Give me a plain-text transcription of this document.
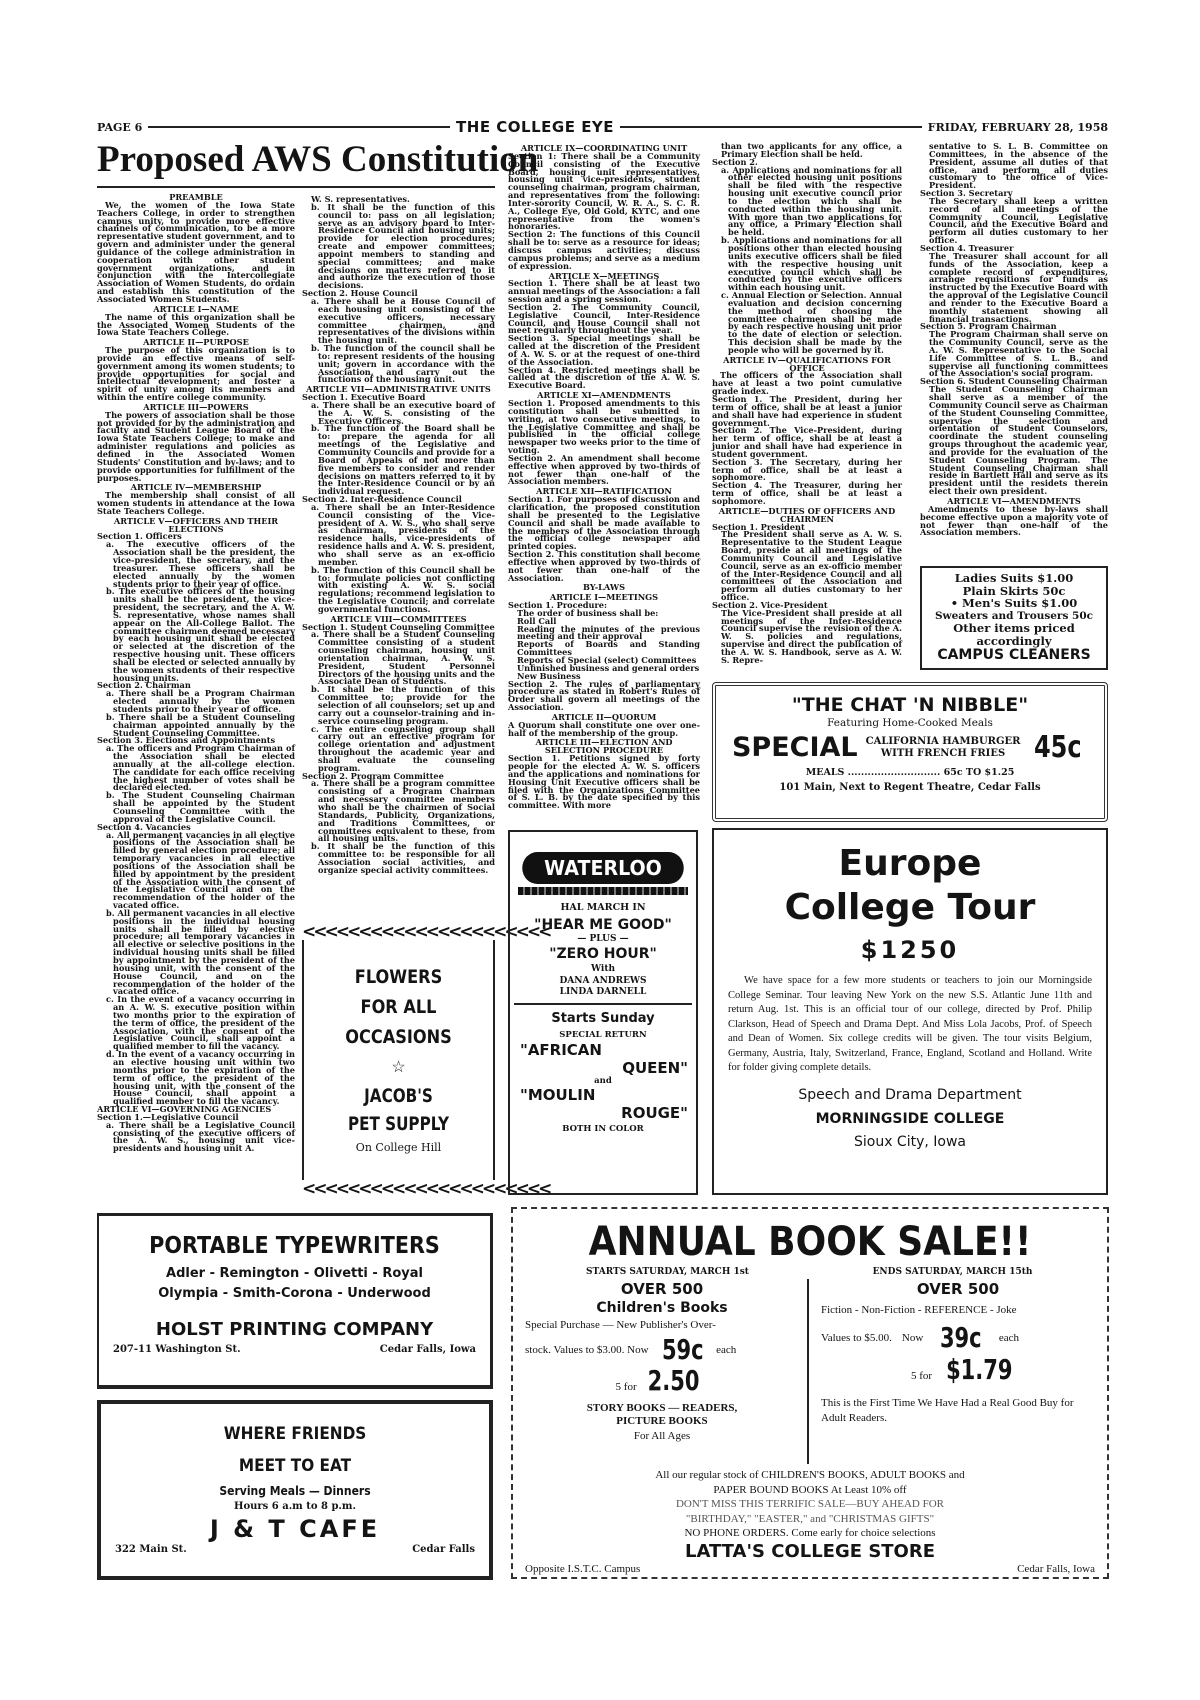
PAGE 6	THE COLLEGE EYE	FRIDAY, FEBRUARY 28, 1958
Proposed AWS Constitution
PREAMBLE
We, the women of the Iowa State Teachers College, in order to strengthen campus unity, to provide more effective channels of communication, to be a more representative student government, and to govern and administer under the general guidance of the college administration in cooperation with other student government organizations, and in conjunction with the Intercollegiate Association of Women Students, do ordain and establish this constitution of the Associated Women Students.
ARTICLE I—NAME
The name of this organization shall be the Associated Women Students of the Iowa State Teachers College.
ARTICLE II—PURPOSE
The purpose of this organization is to provide an effective means of self-government among its women students; to provide opportunities for social and intellectual development; and foster a spirit of unity among its members and within the entire college community.
ARTICLE III—POWERS
The powers of association shall be those not provided for by the administration and faculty and Student League Board of the Iowa State Teachers College; to make and administer regulations and policies as defined in the Associated Women Students' Constitution and by-laws; and to provide opportunities for fulfillment of the purposes.
ARTICLE IV—MEMBERSHIP
The membership shall consist of all women students in attendance at the Iowa State Teachers College.
ARTICLE V—OFFICERS AND THEIR ELECTIONS
Section 1. Officers
a. The executive officers of the Association shall be the president, the vice-president, the secretary, and the treasurer. These officers shall be elected annually by the women students prior to their year of office.
b. The executive officers of the housing units shall be the president, the vice-president, the secretary, and the A. W. S. representative, whose names shall appear on the All-College Ballot. The committee chairmen deemed necessary by each housing unit shall be elected or selected at the discretion of the respective housing unit. These officers shall be elected or selected annually by the women students of their respective housing units.
Section 2. Chairman
a. There shall be a Program Chairman elected annually by the women students prior to their year of office.
b. There shall be a Student Counseling chairman appointed annually by the Student Counseling Committee.
Section 3. Elections and Appointments
a. The officers and Program Chairman of the Association shall be elected annually at the all-college election. The candidate for each office receiving the highest number of votes shall be declared elected.
b. The Student Counseling Chairman shall be appointed by the Student Counseling Committee with the approval of the Legislative Council.
Section 4. Vacancies
a. All permanent vacancies in all elective positions of the Association shall be filled by general election procedure; all temporary vacancies in all elective positions of the Association shall be filled by appointment by the president of the Association with the consent of the Legislative Council and on the recommendation of the holder of the vacated office.
b. All permanent vacancies in all elective positions in the individual housing units shall be filled by elective procedure; all temporary vacancies in all elective or selective positions in the individual housing units shall be filled by appointment by the president of the housing unit, with the consent of the House Council, and on the recommendation of the holder of the vacated office.
c. In the event of a vacancy occurring in an A. W. S. executive position within two months prior to the expiration of the term of office, the president of the Association, with the consent of the Legislative Council, shall appoint a qualified member to fill the vacancy.
d. In the event of a vacancy occurring in an elective housing unit within two months prior to the expiration of the term of office, the president of the housing unit, with the consent of the House Council, shall appoint a qualified member to fill the vacancy.
ARTICLE VI—GOVERNING AGENCIES
Section 1.—Legislative Council
a. There shall be a Legislative Council consisting of the executive officers of the A. W. S., housing unit vice-presidents and housing unit A.
W. S. representatives.
b. It shall be the function of this council to: pass on all legislation; serve as an advisory board to Inter-Residence Council and housing units; provide for election procedures; create and empower committees; appoint members to standing and special committees; and make decisions on matters referred to it and authorize the execution of those decisions.
Section 2. House Council
a. There shall be a House Council of each housing unit consisting of the executive officers, necessary committee chairmen, and representatives of the divisions within the housing unit.
b. The function of the council shall be to: represent residents of the housing unit; govern in accordance with the Association, and carry out the functions of the housing unit.
ARTICLE VII—ADMINISTRATIVE UNITS
Section 1. Executive Board
a. There shall be an executive board of the A. W. S. consisting of the Executive Officers.
b. The function of the Board shall be to: prepare the agenda for all meetings of the Legislative and Community Councils and provide for a Board of Appeals of not more than five members to consider and render decisions on matters referred to it by the Inter-Residence Council or by an individual request.
Section 2. Inter-Residence Council
a. There shall be an Inter-Residence Council consisting of the Vice-president of A. W. S., who shall serve as chairman, presidents of the residence halls, vice-presidents of residence halls and A. W. S. president, who shall serve as an ex-officio member.
b. The function of this Council shall be to: formulate policies not conflicting with existing A. W. S. social regulations; recommend legislation to the Legislative Council; and correlate governmental functions.
ARTICLE VIII—COMMITTEES
Section 1. Student Counseling Committee
a. There shall be a Student Counseling Committee consisting of a student counseling chairman, housing unit orientation chairman, A. W. S. President, Student Personnel Directors of the housing units and the Associate Dean of Students.
b. It shall be the function of this Committee to; provide for the selection of all counselors; set up and carry out a counselor-training and in-service counseling program.
c. The entire counseling group shall carry out an effective program for college orientation and adjustment throughout the academic year and shall evaluate the counseling program.
Section 2. Program Committee
a. There shall be a program committee consisting of a Program Chairman and necessary committee members who shall be the chairmen of Social Standards, Publicity, Organizations, and Traditions Committees, or committees equivalent to these, from all housing units.
b. It shall be the function of this committee to: be responsible for all Association social activities, and organize special activity committees.
ARTICLE IX—COORDINATING UNIT
Section 1: There shall be a Community Council consisting of the Executive Board, housing unit representatives, housing unit vice-presidents, student counseling chairman, program chairman, and representatives from the following: Inter-sorority Council, W. R. A., S. C. R. A., College Eye, Old Gold, KYTC, and one representative from the women's honoraries.
Section 2: The functions of this Council shall be to: serve as a resource for ideas; discuss campus activities; discuss campus problems; and serve as a medium of expression.
ARTICLE X—MEETINGS
Section 1. There shall be at least two annual meetings of the Association: a fall session and a spring session.
Section 2. The Community Council, Legislative Council, Inter-Residence Council, and House Council shall not meet regularly throughout the year.
Section 3. Special meetings shall be called at the discretion of the President of A. W. S. or at the request of one-third of the Association.
Section 4. Restricted meetings shall be called at the discretion of the A. W. S. Executive Board.
ARTICLE XI—AMENDMENTS
Section 1. Proposed amendments to this constitution shall be submitted in writing, at two consecutive meetings, to the Legislative Committee and shall be published in the official college newspaper two weeks prior to the time of voting.
Section 2. An amendment shall become effective when approved by two-thirds of not fewer than one-half of the Association members.
ARTICLE XII—RATIFICATION
Section 1. For purposes of discussion and clarification, the proposed constitution shall be presented to the Legislative Council and shall be made available to the members of the Association through the official college newspaper and printed copies.
Section 2. This constitution shall become effective when approved by two-thirds of not fewer than one-half of the Association.
BY-LAWS
ARTICLE I—MEETINGS
Section 1. Procedure:
The order of business shall be:
Roll Call
Reading the minutes of the previous meeting and their approval
Reports of Boards and Standing Committees
Reports of Special (select) Committees
Unfinished business and general orders
New Business
Section 2. The rules of parliamentary procedure as stated in Robert's Rules of Order shall govern all meetings of the Association.
ARTICLE II—QUORUM
A Quorum shall constitute one over one-half of the membership of the group.
ARTICLE III—ELECTION AND SELECTION PROCEDURE
Section 1. Petitions signed by forty people for the elected A. W. S. officers and the applications and nominations for Housing Unit Executive officers shall be filed with the Organizations Committee of S. L. B. by the date specified by this committee. With more
than two applicants for any office, a Primary Election shall be held.
Section 2.
a. Applications and nominations for all other elected housing unit positions shall be filed with the respective housing unit executive council prior to the election which shall be conducted within the housing unit. With more than two applications for any office, a Primary Election shall be held.
b. Applications and nominations for all positions other than elected housing units executive officers shall be filed with the respective housing unit executive council which shall be conducted by the executive officers within each housing unit.
c. Annual Election or Selection. Annual evaluation and decision concerning the method of choosing the committee chairmen shall be made by each respective housing unit prior to the date of election or selection. This decision shall be made by the people who will be governed by it.
ARTICLE IV—QUALIFICATIONS FOR OFFICE
The officers of the Association shall have at least a two point cumulative grade index.
Section 1. The President, during her term of office, shall be at least a junior and shall have had experience in student government.
Section 2. The Vice-President, during her term of office, shall be at least a junior and shall have had experience in student government.
Section 3. The Secretary, during her term of office, shall be at least a sophomore.
Section 4. The Treasurer, during her term of office, shall be at least a sophomore.
ARTICLE—DUTIES OF OFFICERS AND CHAIRMEN
Section 1. President
The President shall serve as A. W. S. Representative to the Student League Board, preside at all meetings of the Community Council and Legislative Council, serve as an ex-officio member of the Inter-Residence Council and all committees of the Association and perform all duties customary to her office.
Section 2. Vice-President
The Vice-President shall preside at all meetings of the Inter-Residence Council supervise the revision of the A. W. S. policies and regulations, supervise and direct the publication of the A. W. S. Handbook, serve as A. W. S. Repre-
sentative to S. L. B. Committee on Committees, in the absence of the President, assume all duties of that office, and perform all duties customary to the office of Vice-President.
Section 3. Secretary
The Secretary shall keep a written record of all meetings of the Community Council, Legislative Council, and the Executive Board and perform all duties customary to her office.
Section 4. Treasurer
The Treasurer shall account for all funds of the Association, keep a complete record of expenditures, arrange requisitions for funds as instructed by the Executive Board with the approval of the Legislative Council and render to the Executive Board a monthly statement showing all financial transactions.
Section 5. Program Chairman
The Program Chairman shall serve on the Community Council, serve as the A. W. S. Representative to the Social Life Committee of S. L. B., and supervise all functioning committees of the Association's social program.
Section 6. Student Counseling Chairman
The Student Counseling Chairman shall serve as a member of the Community Council serve as Chairman of the Student Counseling Committee, supervise the selection and orientation of Student Counselors, coordinate the student counseling groups throughout the academic year, and provide for the evaluation of the Student Counseling Program. The Student Counseling Chairman shall reside in Bartlett Hall and serve as its president until the residets therein elect their own president.
ARTICLE VI—AMENDMENTS
Amendments to these by-laws shall become effective upon a majority vote of not fewer than one-half of the Association members.
Ladies Suits $1.00
Plain Skirts 50c
• Men's Suits $1.00
Sweaters and Trousers 50c
Other items priced
accordingly
CAMPUS CLEANERS
"THE CHAT 'N NIBBLE"
Featuring Home-Cooked Meals
SPECIAL CALIFORNIA HAMBURGER
WITH FRENCH FRIES 45c
MEALS ............................ 65c TO $1.25
101 Main, Next to Regent Theatre, Cedar Falls
<<<<<<<<<<<<<<<<<<<<<<
FLOWERS
FOR ALL
OCCASIONS
☆
JACOB'S
PET SUPPLY
On College Hill
<<<<<<<<<<<<<<<<<<<<<<
WATERLOO
HAL MARCH IN
"HEAR ME GOOD"
— PLUS —
"ZERO HOUR"
With
DANA ANDREWS
LINDA DARNELL
Starts Sunday
SPECIAL RETURN
"AFRICAN
QUEEN"
and
"MOULIN
ROUGE"
BOTH IN COLOR
Europe
College Tour
$1250
We have space for a few more students or teachers to join our Morningside College Seminar. Tour leaving New York on the new S.S. Atlantic June 11th and return Aug. 1st. This is an official tour of our college, directed by Prof. Philip Clarkson, Head of Speech and Drama Dept. And Miss Lola Jacobs, Prof. of Speech and Dean of Women. Six college credits will be given. The tour visits Belgium, Germany, Austria, Italy, Switzerland, France, England, Scotland and Holland. Write for folder giving complete details.
Speech and Drama Department
MORNINGSIDE COLLEGE
Sioux City, Iowa
PORTABLE TYPEWRITERS
Adler - Remington - Olivetti - Royal
Olympia - Smith-Corona - Underwood
HOLST PRINTING COMPANY
207-11 Washington St.	Cedar Falls, Iowa
WHERE FRIENDS
MEET TO EAT
Serving Meals — Dinners
Hours 6 a.m to 8 p.m.
J & T CAFE
322 Main St.	Cedar Falls
ANNUAL BOOK SALE!!
STARTS SATURDAY, MARCH 1st	ENDS SATURDAY, MARCH 15th
OVER 500
Children's Books
Special Purchase — New Publisher's Over-
stock. Values to $3.00. Now 59c each
5 for 2.50
STORY BOOKS — READERS,
PICTURE BOOKS
For All Ages
OVER 500
Fiction - Non-Fiction - REFERENCE - Joke
Values to $5.00. Now 39c each
5 for $1.79
This is the First Time We Have Had a Real Good Buy for Adult Readers.
All our regular stock of CHILDREN'S BOOKS, ADULT BOOKS and
PAPER BOUND BOOKS At Least 10% off
DON'T MISS THIS TERRIFIC SALE—BUY AHEAD FOR
"BIRTHDAY," "EASTER," and "CHRISTMAS GIFTS"
NO PHONE ORDERS. Come early for choice selections
LATTA'S COLLEGE STORE
Opposite I.S.T.C. Campus	Cedar Falls, Iowa
